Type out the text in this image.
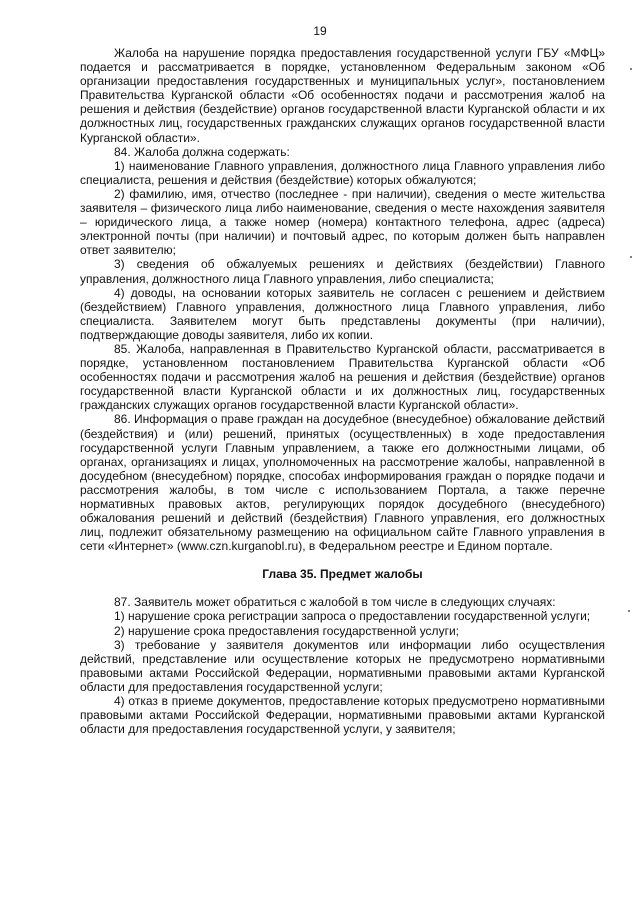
19

Жалоба на нарушение порядка предоставления государственной услуги ГБУ «МФЦ» подается и рассматривается в порядке, установленном Федеральным законом «Об организации предоставления государственных и муниципальных услуг», постановлением Правительства Курганской области «Об особенностях подачи и рассмотрения жалоб на решения и действия (бездействие) органов государственной власти Курганской области и их должностных лиц, государственных гражданских служащих органов государственной власти Курганской области».

84. Жалоба должна содержать:

1) наименование Главного управления, должностного лица Главного управления либо специалиста, решения и действия (бездействие) которых обжалуются;

2) фамилию, имя, отчество (последнее - при наличии), сведения о месте жительства заявителя – физического лица либо наименование, сведения о месте нахождения заявителя – юридического лица, а также номер (номера) контактного телефона, адрес (адреса) электронной почты (при наличии) и почтовый адрес, по которым должен быть направлен ответ заявителю;

3) сведения об обжалуемых решениях и действиях (бездействии) Главного управления, должностного лица Главного управления, либо специалиста;

4) доводы, на основании которых заявитель не согласен с решением и действием (бездействием) Главного управления, должностного лица Главного управления, либо специалиста. Заявителем могут быть представлены документы (при наличии), подтверждающие доводы заявителя, либо их копии.

85. Жалоба, направленная в Правительство Курганской области, рассматривается в порядке, установленном постановлением Правительства Курганской области «Об особенностях подачи и рассмотрения жалоб на решения и действия (бездействие) органов государственной власти Курганской области и их должностных лиц, государственных гражданских служащих органов государственной власти Курганской области».

86. Информация о праве граждан на досудебное (внесудебное) обжалование действий (бездействия) и (или) решений, принятых (осуществленных) в ходе предоставления государственной услуги Главным управлением, а также его должностными лицами, об органах, организациях и лицах, уполномоченных на рассмотрение жалобы, направленной в досудебном (внесудебном) порядке, способах информирования граждан о порядке подачи и рассмотрения жалобы, в том числе с использованием Портала, а также перечне нормативных правовых актов, регулирующих порядок досудебного (внесудебного) обжалования решений и действий (бездействия) Главного управления, его должностных лиц, подлежит обязательному размещению на официальном сайте Главного управления в сети «Интернет» (www.czn.kurganobl.ru), в Федеральном реестре и Едином портале.

Глава 35. Предмет жалобы

87. Заявитель может обратиться с жалобой в том числе в следующих случаях:

1) нарушение срока регистрации запроса о предоставлении государственной услуги;

2) нарушение срока предоставления государственной услуги;

3) требование у заявителя документов или информации либо осуществления действий, представление или осуществление которых не предусмотрено нормативными правовыми актами Российской Федерации, нормативными правовыми актами Курганской области для предоставления государственной услуги;

4) отказ в приеме документов, предоставление которых предусмотрено нормативными правовыми актами Российской Федерации, нормативными правовыми актами Курганской области для предоставления государственной услуги, у заявителя;
